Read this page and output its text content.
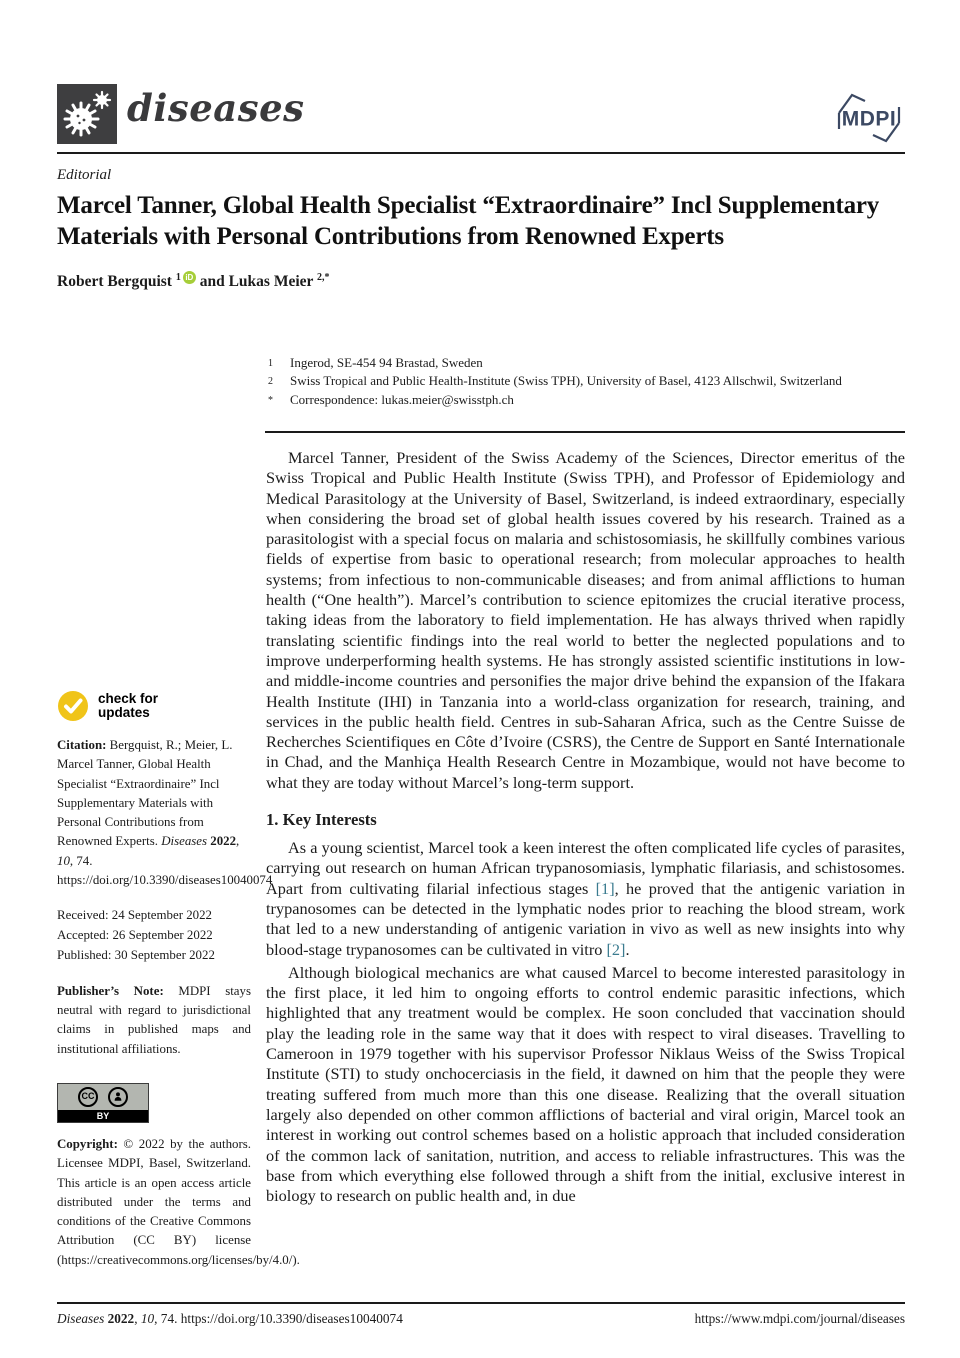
diseases	MDPI
Editorial
Marcel Tanner, Global Health Specialist “Extraordinaire” Incl Supplementary Materials with Personal Contributions from Renowned Experts
Robert Bergquist $^1$ iD and Lukas Meier $^{2,*}$
1	Ingerod, SE-454 94 Brastad, Sweden
2	Swiss Tropical and Public Health-Institute (Swiss TPH), University of Basel, 4123 Allschwil, Switzerland
*	Correspondence: lukas.meier@swisstph.ch

Marcel Tanner, President of the Swiss Academy of the Sciences, Director emeritus of the Swiss Tropical and Public Health Institute (Swiss TPH), and Professor of Epidemiology and Medical Parasitology at the University of Basel, Switzerland, is indeed extraordinary, especially when considering the broad set of global health issues covered by his research. Trained as a parasitologist with a special focus on malaria and schistosomiasis, he skillfully combines various fields of expertise from basic to operational research; from molecular approaches to health systems; from infectious to non-communicable diseases; and from animal afflictions to human health (“One health”). Marcel’s contribution to science epitomizes the crucial iterative process, taking ideas from the laboratory to field implementation. He has always thrived when rapidly translating scientific findings into the real world to better the neglected populations and to improve underperforming health systems. He has strongly assisted scientific institutions in low- and middle-income countries and personifies the major drive behind the expansion of the Ifakara Health Institute (IHI) in Tanzania into a world-class organization for research, training, and services in the public health field. Centres in sub-Saharan Africa, such as the Centre Suisse de Recherches Scientifiques en Côte d’Ivoire (CSRS), the Centre de Support en Santé Internationale in Chad, and the Manhiça Health Research Centre in Mozambique, would not have become to what they are today without Marcel’s long-term support.

1. Key Interests

As a young scientist, Marcel took a keen interest the often complicated life cycles of parasites, carrying out research on human African trypanosomiasis, lymphatic filariasis, and schistosomes. Apart from cultivating filarial infectious stages [1], he proved that the antigenic variation in trypanosomes can be detected in the lymphatic nodes prior to reaching the blood stream, work that led to a new understanding of antigenic variation in vivo as well as new insights into why blood-stage trypanosomes can be cultivated in vitro [2].

Although biological mechanics are what caused Marcel to become interested parasitology in the first place, it led him to ongoing efforts to control endemic parasitic infections, which highlighted that any treatment would be complex. He soon concluded that vaccination should play the leading role in the same way that it does with respect to viral diseases. Travelling to Cameroon in 1979 together with his supervisor Professor Niklaus Weiss of the Swiss Tropical Institute (STI) to study onchocerciasis in the field, it dawned on him that the people they were treating suffered from much more than this one disease. Realizing that the overall situation largely also depended on other common afflictions of bacterial and viral origin, Marcel took an interest in working out control schemes based on a holistic approach that included consideration of the common lack of sanitation, nutrition, and access to reliable infrastructures. This was the base from which everything else followed through a shift from the initial, exclusive interest in biology to research on public health and, in due

check for
updates
Citation: Bergquist, R.; Meier, L. Marcel Tanner, Global Health Specialist “Extraordinaire” Incl Supplementary Materials with Personal Contributions from Renowned Experts. Diseases 2022, 10, 74. https://doi.org/10.3390/diseases10040074
Received: 24 September 2022
Accepted: 26 September 2022
Published: 30 September 2022
Publisher’s Note: MDPI stays neutral with regard to jurisdictional claims in published maps and institutional affiliations.
CC
BY
Copyright: © 2022 by the authors. Licensee MDPI, Basel, Switzerland. This article is an open access article distributed under the terms and conditions of the Creative Commons Attribution (CC BY) license (https://creativecommons.org/licenses/by/4.0/).
Diseases 2022, 10, 74. https://doi.org/10.3390/diseases10040074	https://www.mdpi.com/journal/diseases
